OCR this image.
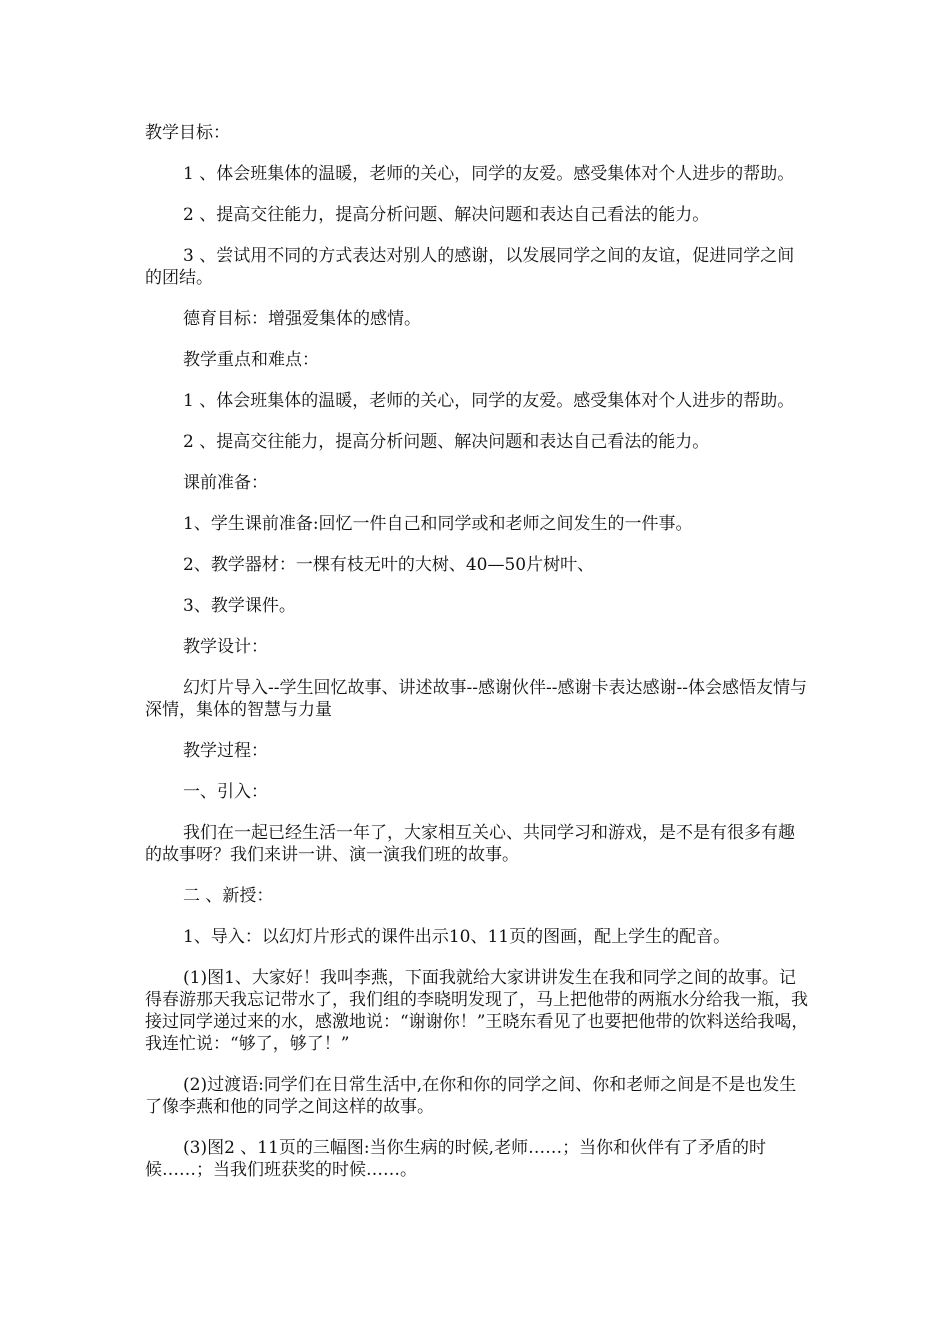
教学目标：

1 、体会班集体的温暖，老师的关心，同学的友爱。感受集体对个人进步的帮助。

2 、提高交往能力，提高分析问题、解决问题和表达自己看法的能力。

3 、尝试用不同的方式表达对别人的感谢，以发展同学之间的友谊，促进同学之间的团结。

德育目标：增强爱集体的感情。

教学重点和难点：

1 、体会班集体的温暖，老师的关心，同学的友爱。感受集体对个人进步的帮助。

2 、提高交往能力，提高分析问题、解决问题和表达自己看法的能力。

课前准备：

1、学生课前准备:回忆一件自己和同学或和老师之间发生的一件事。

2、教学器材：一棵有枝无叶的大树、40—50片树叶、

3、教学课件。

教学设计：

幻灯片导入--学生回忆故事、讲述故事--感谢伙伴--感谢卡表达感谢--体会感悟友情与深情，集体的智慧与力量

教学过程：

一、引入：

我们在一起已经生活一年了，大家相互关心、共同学习和游戏，是不是有很多有趣的故事呀？我们来讲一讲、演一演我们班的故事。

二 、新授：

1、导入：以幻灯片形式的课件出示10、11页的图画，配上学生的配音。

(1)图1、大家好！我叫李燕，下面我就给大家讲讲发生在我和同学之间的故事。记得春游那天我忘记带水了，我们组的李晓明发现了，马上把他带的两瓶水分给我一瓶，我接过同学递过来的水，感激地说：“谢谢你！”王晓东看见了也要把他带的饮料送给我喝，我连忙说：“够了，够了！”

(2)过渡语:同学们在日常生活中,在你和你的同学之间、你和老师之间是不是也发生了像李燕和他的同学之间这样的故事。

(3)图2 、11页的三幅图:当你生病的时候,老师……；当你和伙伴有了矛盾的时候……；当我们班获奖的时候……。
